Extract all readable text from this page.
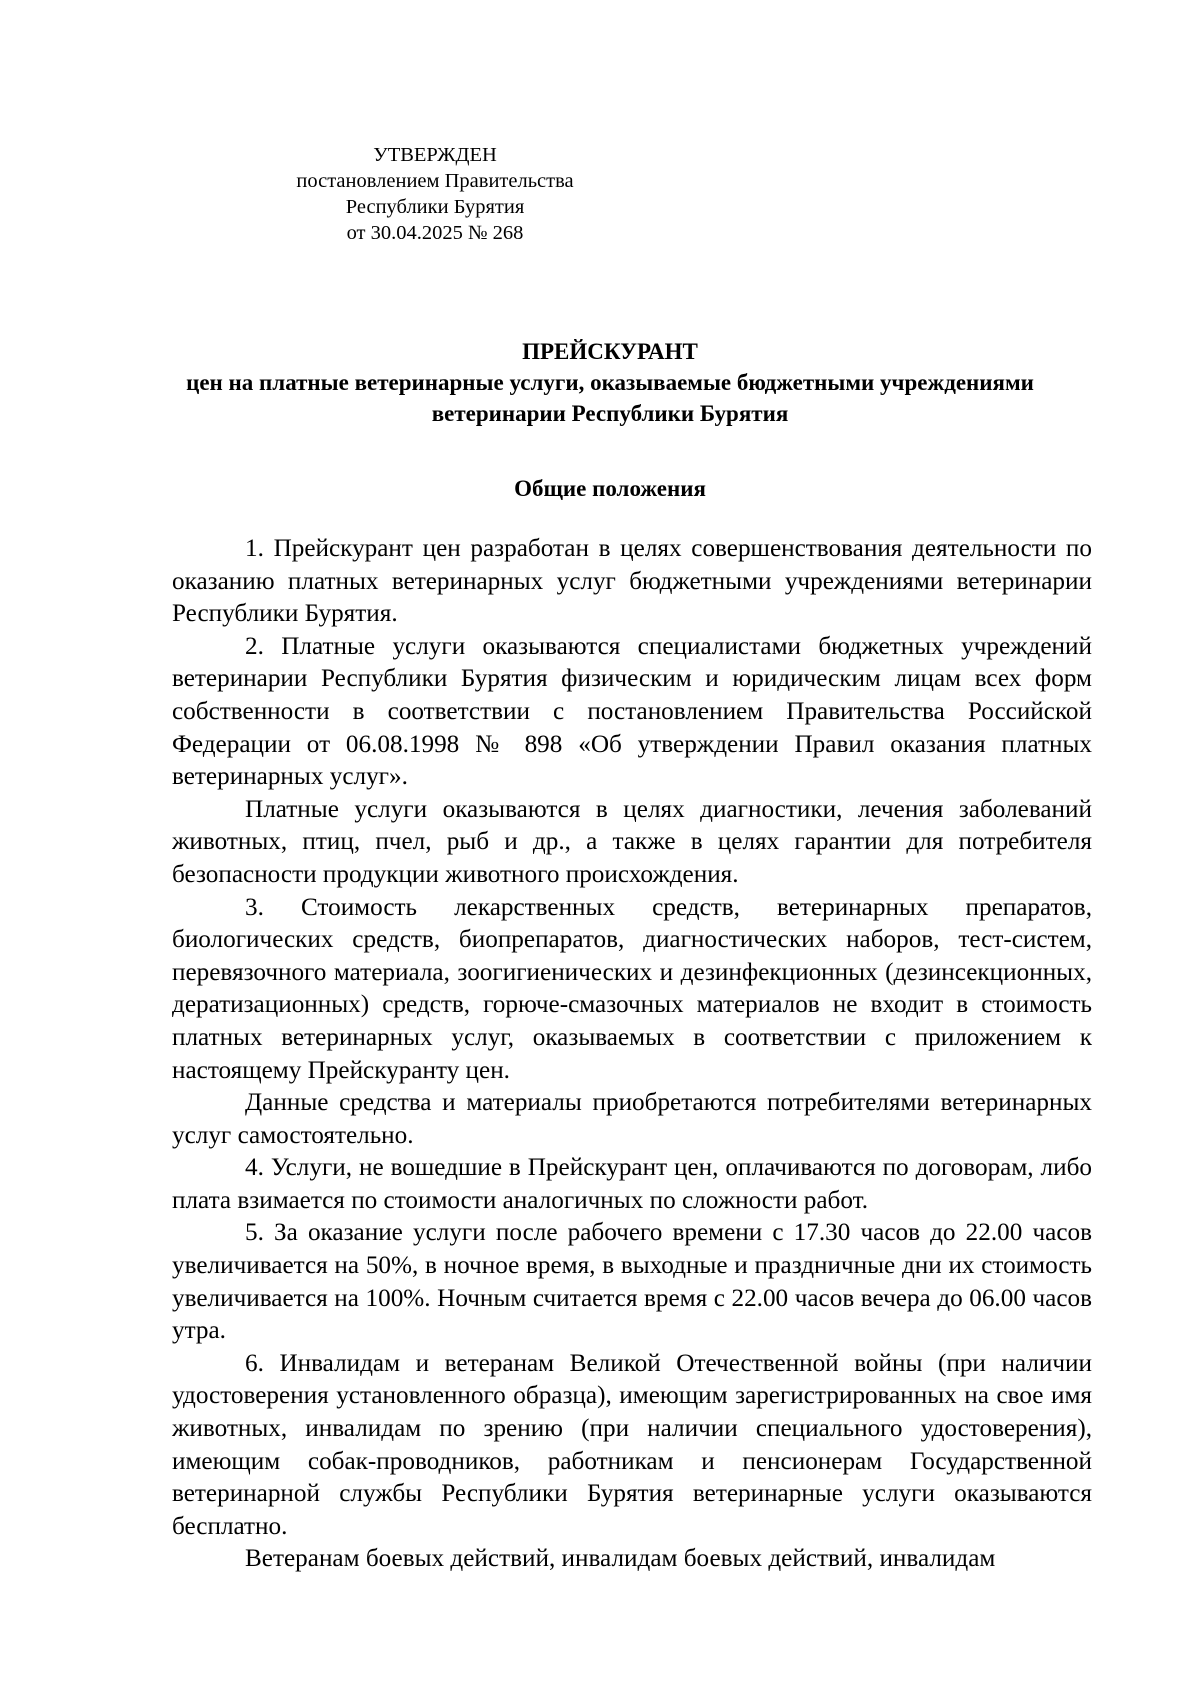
УТВЕРЖДЕН
постановлением Правительства
Республики Бурятия
от 30.04.2025 № 268
ПРЕЙСКУРАНТ
цен на платные ветеринарные услуги, оказываемые бюджетными учреждениями ветеринарии Республики Бурятия
Общие положения

1. Прейскурант цен разработан в целях совершенствования деятельности по оказанию платных ветеринарных услуг бюджетными учреждениями ветеринарии Республики Бурятия.

2. Платные услуги оказываются специалистами бюджетных учреждений ветеринарии Республики Бурятия физическим и юридическим лицам всех форм собственности в соответствии с постановлением Правительства Российской Федерации от 06.08.1998 № 898 «Об утверждении Правил оказания платных ветеринарных услуг».

Платные услуги оказываются в целях диагностики, лечения заболеваний животных, птиц, пчел, рыб и др., а также в целях гарантии для потребителя безопасности продукции животного происхождения.

3. Стоимость лекарственных средств, ветеринарных препаратов, биологических средств, биопрепаратов, диагностических наборов, тест-систем, перевязочного материала, зоогигиенических и дезинфекционных (дезинсекционных, дератизационных) средств, горюче-смазочных материалов не входит в стоимость платных ветеринарных услуг, оказываемых в соответствии с приложением к настоящему Прейскуранту цен.

Данные средства и материалы приобретаются потребителями ветеринарных услуг самостоятельно.

4. Услуги, не вошедшие в Прейскурант цен, оплачиваются по договорам, либо плата взимается по стоимости аналогичных по сложности работ.

5. За оказание услуги после рабочего времени с 17.30 часов до 22.00 часов увеличивается на 50%, в ночное время, в выходные и праздничные дни их стоимость увеличивается на 100%. Ночным считается время с 22.00 часов вечера до 06.00 часов утра.

6. Инвалидам и ветеранам Великой Отечественной войны (при наличии удостоверения установленного образца), имеющим зарегистрированных на свое имя животных, инвалидам по зрению (при наличии специального удостоверения), имеющим собак-проводников, работникам и пенсионерам Государственной ветеринарной службы Республики Бурятия ветеринарные услуги оказываются бесплатно.

Ветеранам боевых действий, инвалидам боевых действий, инвалидам
